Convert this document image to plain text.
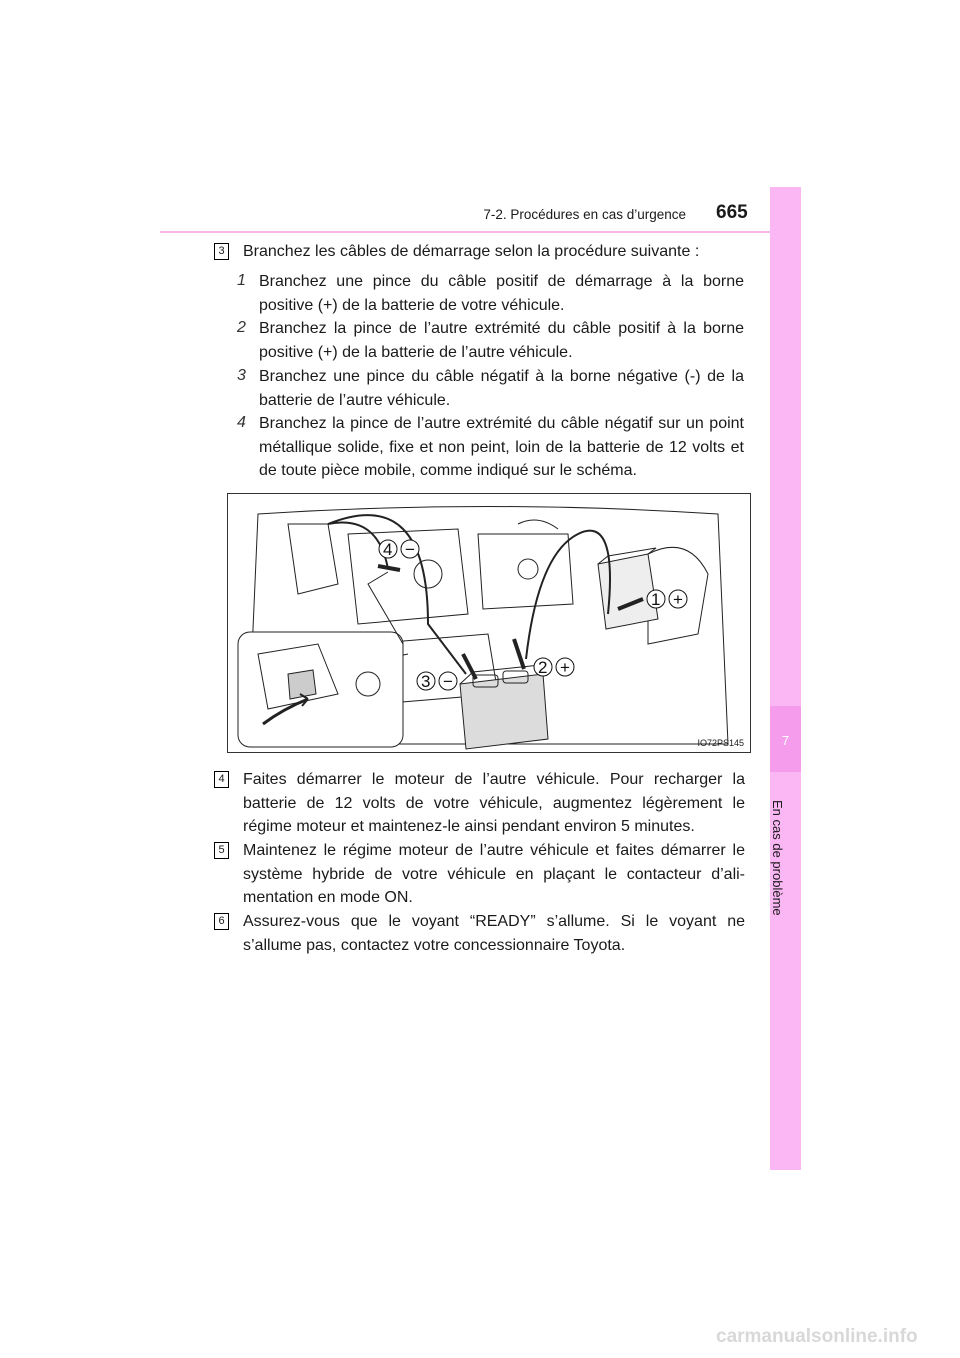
7-2. Procédures en cas d’urgence 665
7
En cas de problème
3 Branchez les câbles de démarrage selon la procédure suivante :
1 Branchez une pince du câble positif de démarrage à la borne positive (+) de la batterie de votre véhicule.
2 Branchez la pince de l’autre extrémité du câble positif à la borne positive (+) de la batterie de l’autre véhicule.
3 Branchez une pince du câble négatif à la borne négative (-) de la batterie de l’autre véhicule.
4 Branchez la pince de l’autre extrémité du câble négatif sur un point métallique solide, fixe et non peint, loin de la batterie de 12 volts et de toute pièce mobile, comme indiqué sur le schéma.
4 −
1 +
2 +
3 −
IO72PS145
4 Faites démarrer le moteur de l’autre véhicule. Pour recharger la batterie de 12 volts de votre véhicule, augmentez légèrement le régime moteur et maintenez-le ainsi pendant environ 5 minutes.
5 Maintenez le régime moteur de l’autre véhicule et faites démarrer le système hybride de votre véhicule en plaçant le contacteur d’alimentation en mode ON.
6 Assurez-vous que le voyant “READY” s’allume. Si le voyant ne s’allume pas, contactez votre concessionnaire Toyota.
carmanualsonline.info
